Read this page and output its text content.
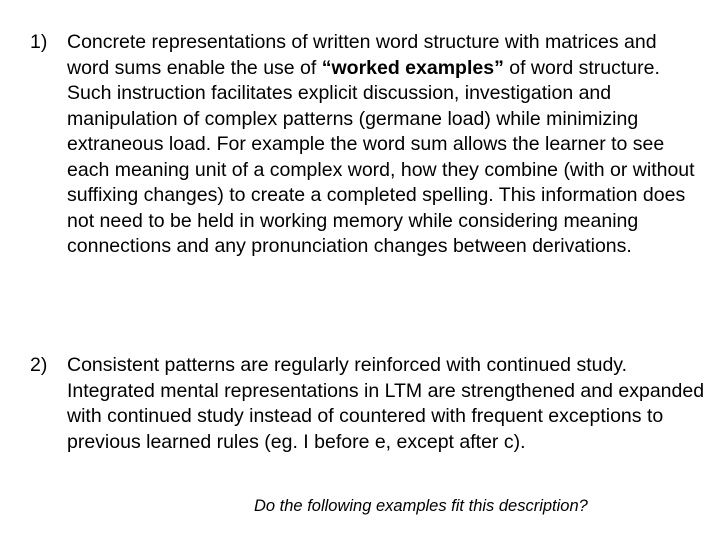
1)	Concrete representations of written word structure with matrices and word sums enable the use of “worked examples” of word structure. Such instruction facilitates explicit discussion, investigation and manipulation of complex patterns (germane load) while minimizing extraneous load. For example the word sum allows the learner to see each meaning unit of a complex word, how they combine (with or without suffixing changes) to create a completed spelling. This information does not need to be held in working memory while considering meaning connections and any pronunciation changes between derivations.
2)	Consistent patterns are regularly reinforced with continued study. Integrated mental representations in LTM are strengthened and expanded with continued study instead of countered with frequent exceptions to previous learned rules (eg. I before e, except after c).
Do the following examples fit this description?
